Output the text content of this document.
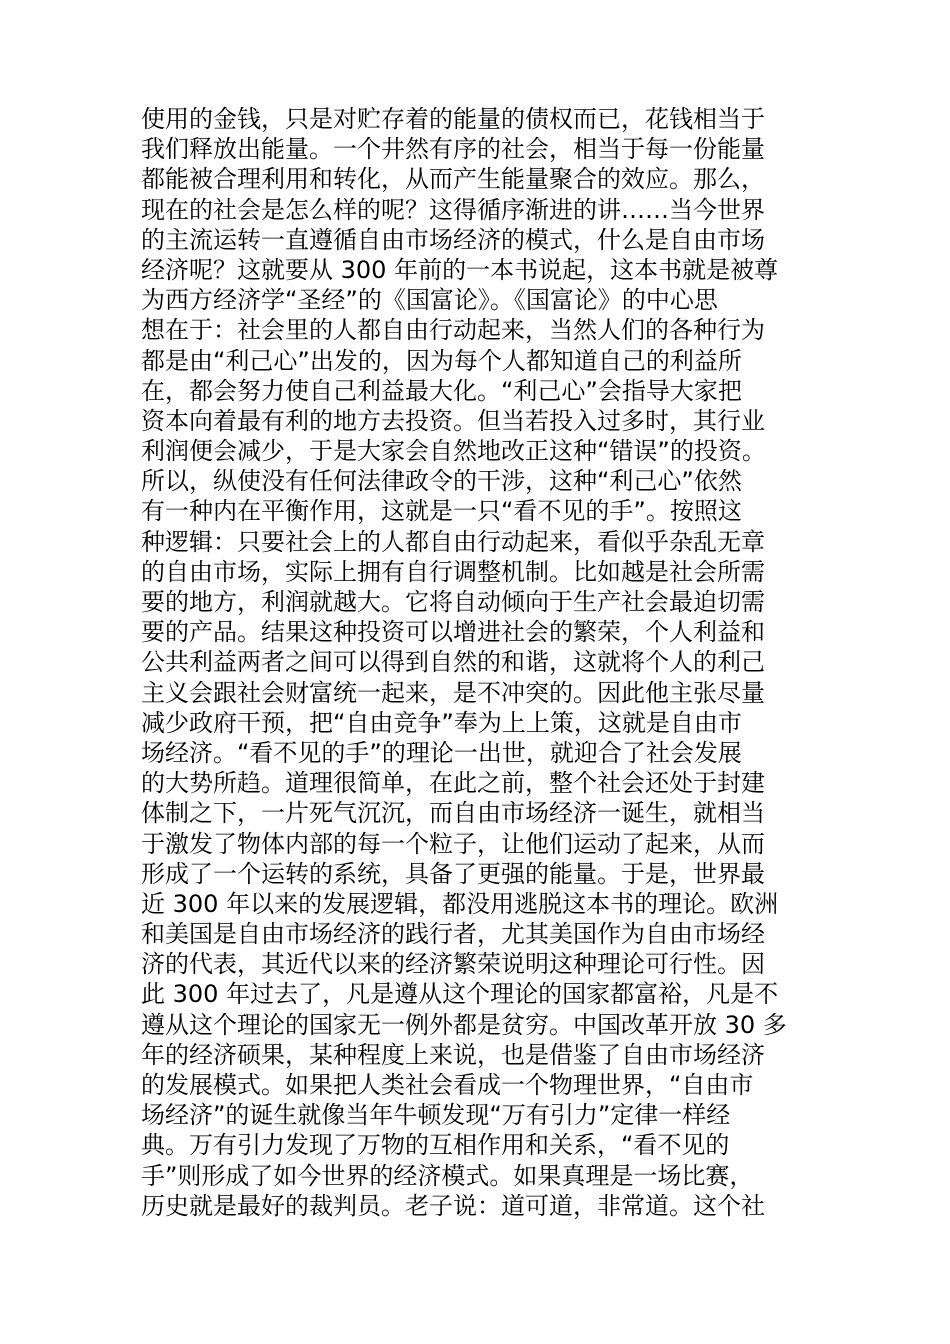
使用的金钱，只是对贮存着的能量的债权而已，花钱相当于
我们释放出能量。一个井然有序的社会，相当于每一份能量
都能被合理利用和转化，从而产生能量聚合的效应。那么，
现在的社会是怎么样的呢？这得循序渐进的讲……当今世界
的主流运转一直遵循自由市场经济的模式，什么是自由市场
经济呢？这就要从 300 年前的一本书说起，这本书就是被尊
为西方经济学“圣经”的《国富论》。《国富论》的中心思
想在于：社会里的人都自由行动起来，当然人们的各种行为
都是由“利己心”出发的，因为每个人都知道自己的利益所
在，都会努力使自己利益最大化。“利己心”会指导大家把
资本向着最有利的地方去投资。但当若投入过多时，其行业
利润便会减少，于是大家会自然地改正这种“错误”的投资。
所以，纵使没有任何法律政令的干涉，这种“利己心”依然
有一种内在平衡作用，这就是一只“看不见的手”。按照这
种逻辑：只要社会上的人都自由行动起来，看似乎杂乱无章
的自由市场，实际上拥有自行调整机制。比如越是社会所需
要的地方，利润就越大。它将自动倾向于生产社会最迫切需
要的产品。结果这种投资可以增进社会的繁荣，个人利益和
公共利益两者之间可以得到自然的和谐，这就将个人的利己
主义会跟社会财富统一起来，是不冲突的。因此他主张尽量
减少政府干预，把“自由竞争”奉为上上策，这就是自由市
场经济。“看不见的手”的理论一出世，就迎合了社会发展
的大势所趋。道理很简单，在此之前，整个社会还处于封建
体制之下，一片死气沉沉，而自由市场经济一诞生，就相当
于激发了物体内部的每一个粒子，让他们运动了起来，从而
形成了一个运转的系统，具备了更强的能量。于是，世界最
近 300 年以来的发展逻辑，都没用逃脱这本书的理论。欧洲
和美国是自由市场经济的践行者，尤其美国作为自由市场经
济的代表，其近代以来的经济繁荣说明这种理论可行性。因
此 300 年过去了，凡是遵从这个理论的国家都富裕，凡是不
遵从这个理论的国家无一例外都是贫穷。中国改革开放 30 多
年的经济硕果，某种程度上来说，也是借鉴了自由市场经济
的发展模式。如果把人类社会看成一个物理世界，“自由市
场经济”的诞生就像当年牛顿发现“万有引力”定律一样经
典。万有引力发现了万物的互相作用和关系，“看不见的
手”则形成了如今世界的经济模式。如果真理是一场比赛，
历史就是最好的裁判员。老子说：道可道，非常道。这个社
